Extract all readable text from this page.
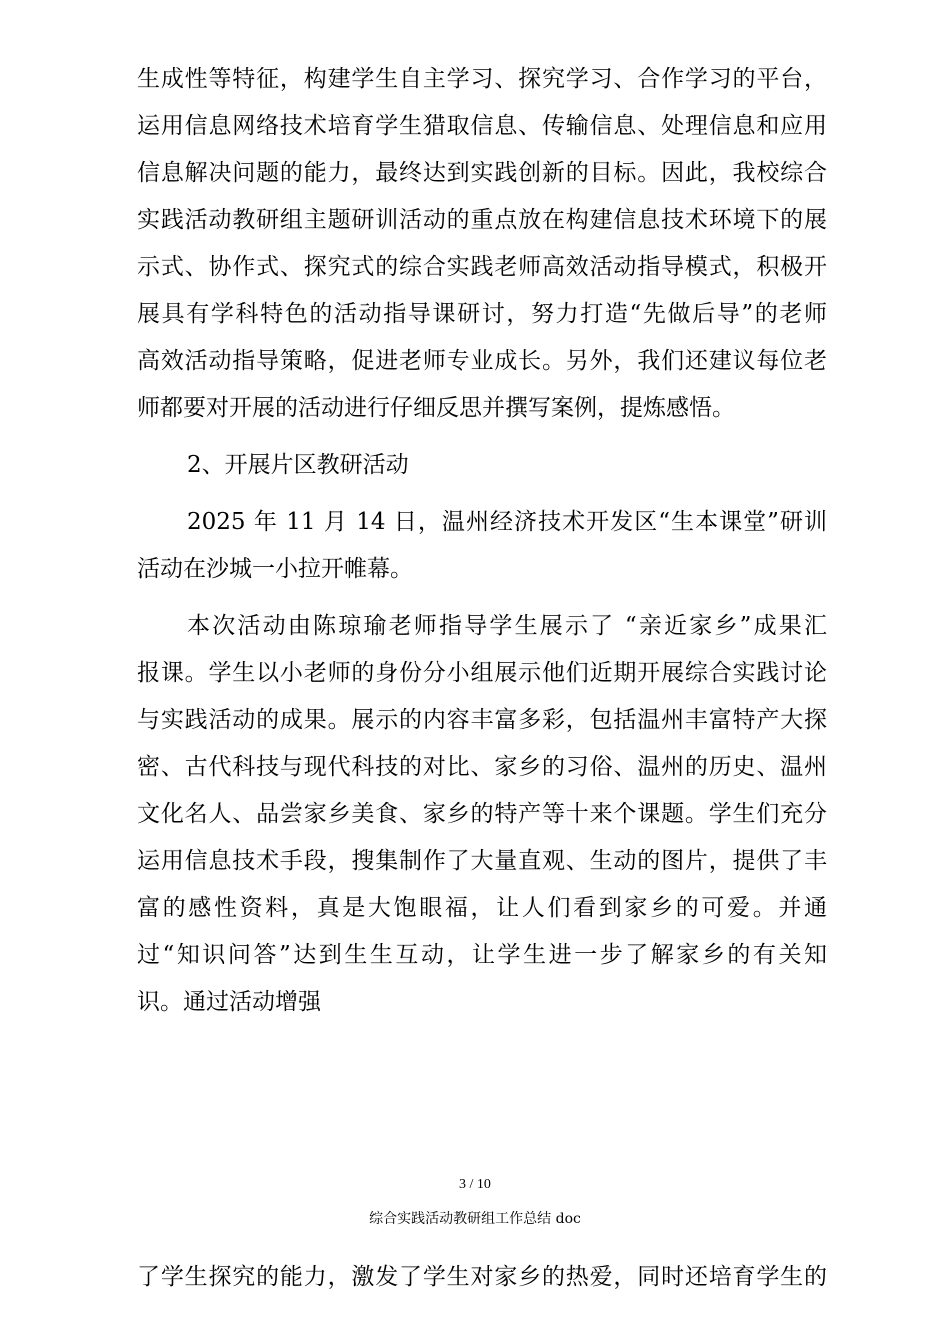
生成性等特征，构建学生自主学习、探究学习、合作学习的平台，
运用信息网络技术培育学生猎取信息、传输信息、处理信息和应用
信息解决问题的能力，最终达到实践创新的目标。因此，我校综合
实践活动教研组主题研训活动的重点放在构建信息技术环境下的展
示式、协作式、探究式的综合实践老师高效活动指导模式，积极开
展具有学科特色的活动指导课研讨，努力打造“先做后导”的老师
高效活动指导策略，促进老师专业成长。另外，我们还建议每位老
师都要对开展的活动进行仔细反思并撰写案例，提炼感悟。
2、开展片区教研活动
2025 年 11 月 14 日，温州经济技术开发区“生本课堂”研训
活动在沙城一小拉开帷幕。
本次活动由陈琼瑜老师指导学生展示了 “亲近家乡”成果汇
报课。学生以小老师的身份分小组展示他们近期开展综合实践讨论
与实践活动的成果。展示的内容丰富多彩，包括温州丰富特产大探
密、古代科技与现代科技的对比、家乡的习俗、温州的历史、温州
文化名人、品尝家乡美食、家乡的特产等十来个课题。学生们充分
运用信息技术手段，搜集制作了大量直观、生动的图片，提供了丰
富的感性资料，真是大饱眼福，让人们看到家乡的可爱。并通
过“知识问答”达到生生互动，让学生进一步了解家乡的有关知
识。通过活动增强
3 / 10
综合实践活动教研组工作总结 doc
了学生探究的能力，激发了学生对家乡的热爱，同时还培育学生的
